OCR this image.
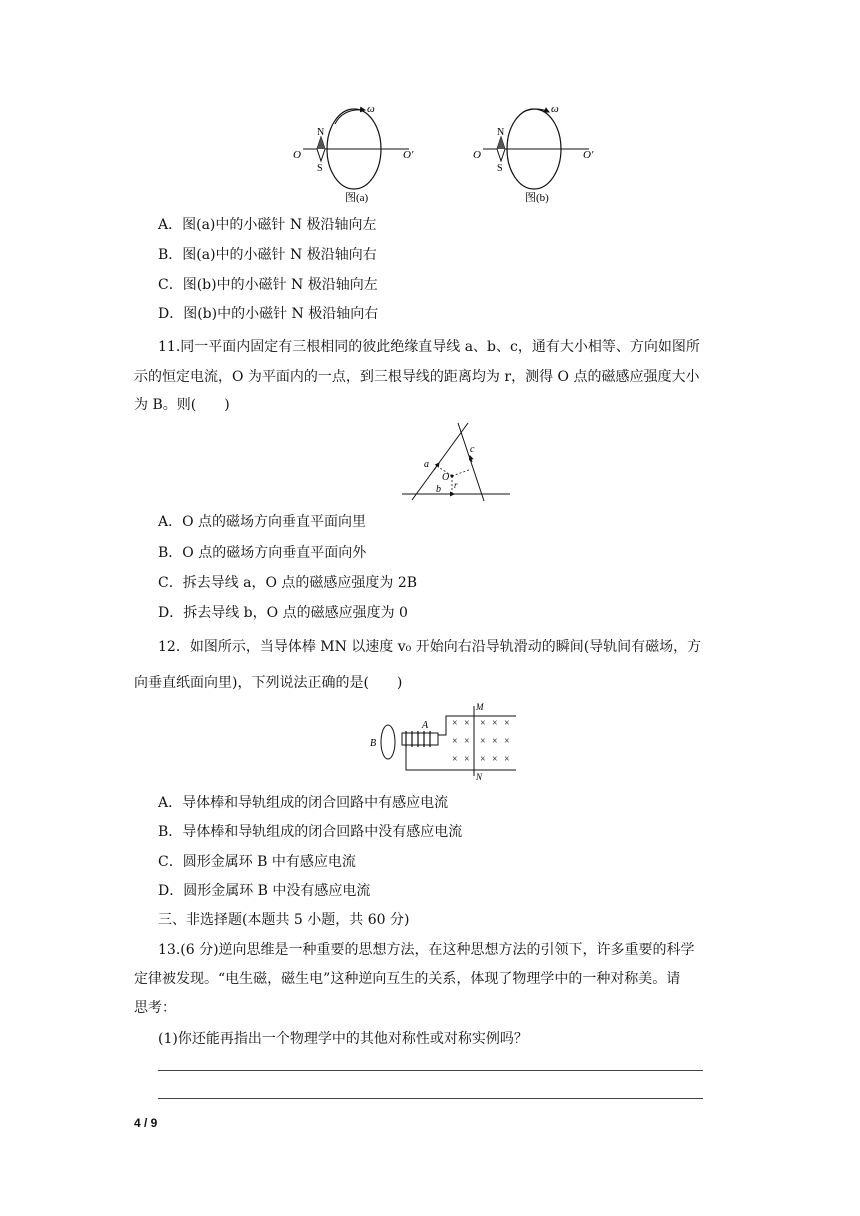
O	O′
N
S
ω
图(a)
O	O′
N
S
ω
图(b)
A．图(a)中的小磁针 N 极沿轴向左
B．图(a)中的小磁针 N 极沿轴向右
C．图(b)中的小磁针 N 极沿轴向左
D．图(b)中的小磁针 N 极沿轴向右
11.同一平面内固定有三根相同的彼此绝缘直导线 a、b、c，通有大小相等、方向如图所
示的恒定电流，O 为平面内的一点，到三根导线的距离均为 r，测得 O 点的磁感应强度大小
为 B。则(　　)
a
c
O
r
b
A．O 点的磁场方向垂直平面向里
B．O 点的磁场方向垂直平面向外
C．拆去导线 a，O 点的磁感应强度为 2B
D．拆去导线 b，O 点的磁感应强度为 0
12．如图所示，当导体棒 MN 以速度 v₀ 开始向右沿导轨滑动的瞬间(导轨间有磁场，方
向垂直纸面向里)，下列说法正确的是(　　)
B
A
M
N
× × × × ×
× × × × ×
× × × × ×
A．导体棒和导轨组成的闭合回路中有感应电流
B．导体棒和导轨组成的闭合回路中没有感应电流
C．圆形金属环 B 中有感应电流
D．圆形金属环 B 中没有感应电流
三、非选择题(本题共 5 小题，共 60 分)
13.(6 分)逆向思维是一种重要的思想方法，在这种思想方法的引领下，许多重要的科学
定律被发现。“电生磁，磁生电”这种逆向互生的关系，体现了物理学中的一种对称美。请
思考：
(1)你还能再指出一个物理学中的其他对称性或对称实例吗？
4 / 9
